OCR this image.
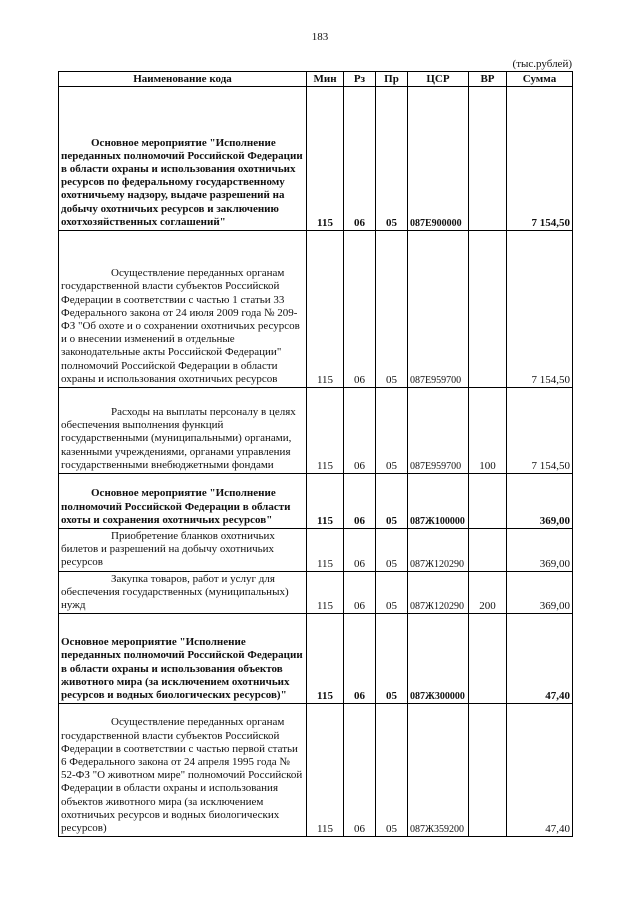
183
(тыс.рублей)
Наименование кода	Мин	Рз	Пр	ЦСР	ВР	Сумма
Основное мероприятие "Исполнение переданных полномочий Российской Федерации в области охраны и использования охотничьих ресурсов по федеральному государственному охотничьему надзору, выдаче разрешений на добычу охотничьих ресурсов и заключению охотхозяйственных соглашений"	115	06	05	087Е900000		7 154,50
Осуществление переданных органам государственной власти субъектов Российской Федерации в соответствии с частью 1 статьи 33 Федерального закона от 24 июля 2009 года № 209-ФЗ "Об охоте и о сохранении охотничьих ресурсов и о внесении изменений в отдельные законодательные акты Российской Федерации" полномочий Российской Федерации в области охраны и использования охотничьих ресурсов	115	06	05	087Е959700		7 154,50
Расходы на выплаты персоналу в целях обеспечения выполнения функций государственными (муниципальными) органами, казенными учреждениями, органами управления государственными внебюджетными фондами	115	06	05	087Е959700	100	7 154,50
Основное мероприятие "Исполнение полномочий Российской Федерации в области охоты и сохранения охотничьих ресурсов"	115	06	05	087Ж100000		369,00
Приобретение бланков охотничьих билетов и разрешений на добычу охотничьих ресурсов	115	06	05	087Ж120290		369,00
Закупка товаров, работ и услуг для обеспечения государственных (муниципальных) нужд	115	06	05	087Ж120290	200	369,00
Основное мероприятие "Исполнение переданных полномочий Российской Федерации в области охраны и использования объектов животного мира (за исключением охотничьих ресурсов и водных биологических ресурсов)"	115	06	05	087Ж300000		47,40
Осуществление переданных органам государственной власти субъектов Российской Федерации в соответствии с частью первой статьи 6 Федерального закона от 24 апреля 1995 года № 52-ФЗ "О животном мире" полномочий Российской Федерации в области охраны и использования объектов животного мира (за исключением охотничьих ресурсов и водных биологических ресурсов)	115	06	05	087Ж359200		47,40
